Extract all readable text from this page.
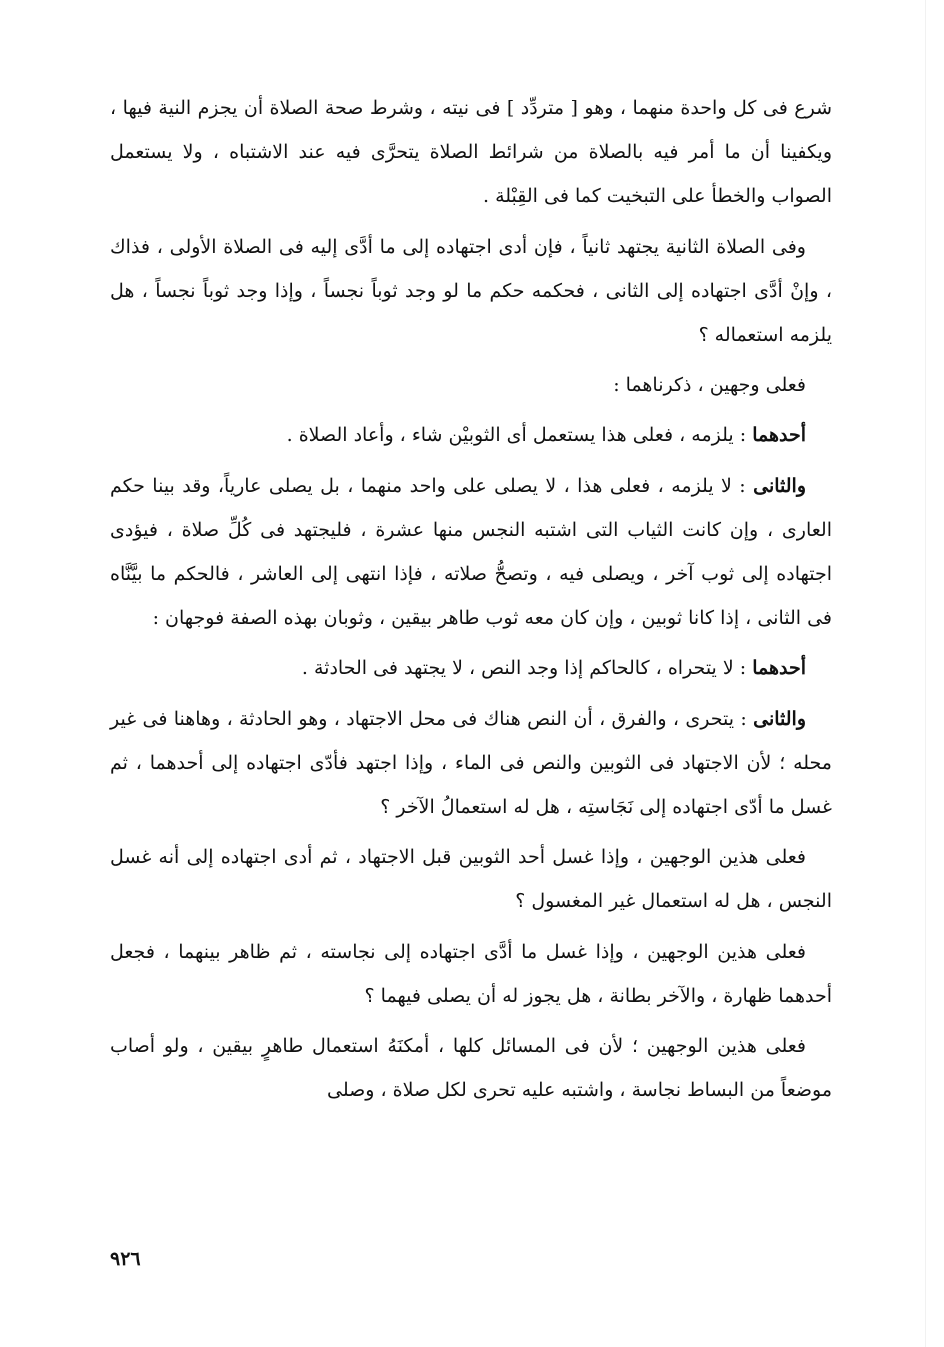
شرع فى كل واحدة منهما ، وهو [ متردِّد ] فى نيته ، وشرط صحة الصلاة أن يجزم النية فيها ، ويكفينا أن ما أمر فيه بالصلاة من شرائط الصلاة يتحرَّى فيه عند الاشتباه ، ولا يستعمل الصواب والخطأ على التبخيت كما فى القِبْلة .

وفى الصلاة الثانية يجتهد ثانياً ، فإن أدى اجتهاده إلى ما أدَّى إليه فى الصلاة الأولى ، فذاك ، وإنْ أدَّى اجتهاده إلى الثانى ، فحكمه حكم ما لو وجد ثوباً نجساً ، وإذا وجد ثوباً نجساً ، هل يلزمه استعماله ؟

فعلى وجهين ، ذكرناهما :

أحدهما : يلزمه ، فعلى هذا يستعمل أى الثوبيْن شاء ، وأعاد الصلاة .

والثانى : لا يلزمه ، فعلى هذا ، لا يصلى على واحد منهما ، بل يصلى عارياً، وقد بينا حكم العارى ، وإن كانت الثياب التى اشتبه النجس منها عشرة ، فليجتهد فى كُلِّ صلاة ، فيؤدى اجتهاده إلى ثوب آخر ، ويصلى فيه ، وتصحُّ صلاته ، فإذا انتهى إلى العاشر ، فالحكم ما بيَّنَّاه فى الثانى ، إذا كانا ثوبين ، وإن كان معه ثوب طاهر بيقين ، وثوبان بهذه الصفة فوجهان :

أحدهما : لا يتحراه ، كالحاكم إذا وجد النص ، لا يجتهد فى الحادثة .

والثانى : يتحرى ، والفرق ، أن النص هناك فى محل الاجتهاد ، وهو الحادثة ، وهاهنا فى غير محله ؛ لأن الاجتهاد فى الثوبين والنص فى الماء ، وإذا اجتهد فأدّى اجتهاده إلى أحدهما ، ثم غسل ما أدّى اجتهاده إلى نَجَاستِه ، هل له استعمالُ الآخر ؟

فعلى هذين الوجهين ، وإذا غسل أحد الثوبين قبل الاجتهاد ، ثم أدى اجتهاده إلى أنه غسل النجس ، هل له استعمال غير المغسول ؟

فعلى هذين الوجهين ، وإذا غسل ما أدَّى اجتهاده إلى نجاسته ، ثم ظاهر بينهما ، فجعل أحدهما ظهارة ، والآخر بطانة ، هل يجوز له أن يصلى فيهما ؟

فعلى هذين الوجهين ؛ لأن فى المسائل كلها ، أمكنَهُ استعمال طاهرٍ بيقين ، ولو أصاب موضعاً من البساط نجاسة ، واشتبه عليه تحرى لكل صلاة ، وصلى

٩٢٦
